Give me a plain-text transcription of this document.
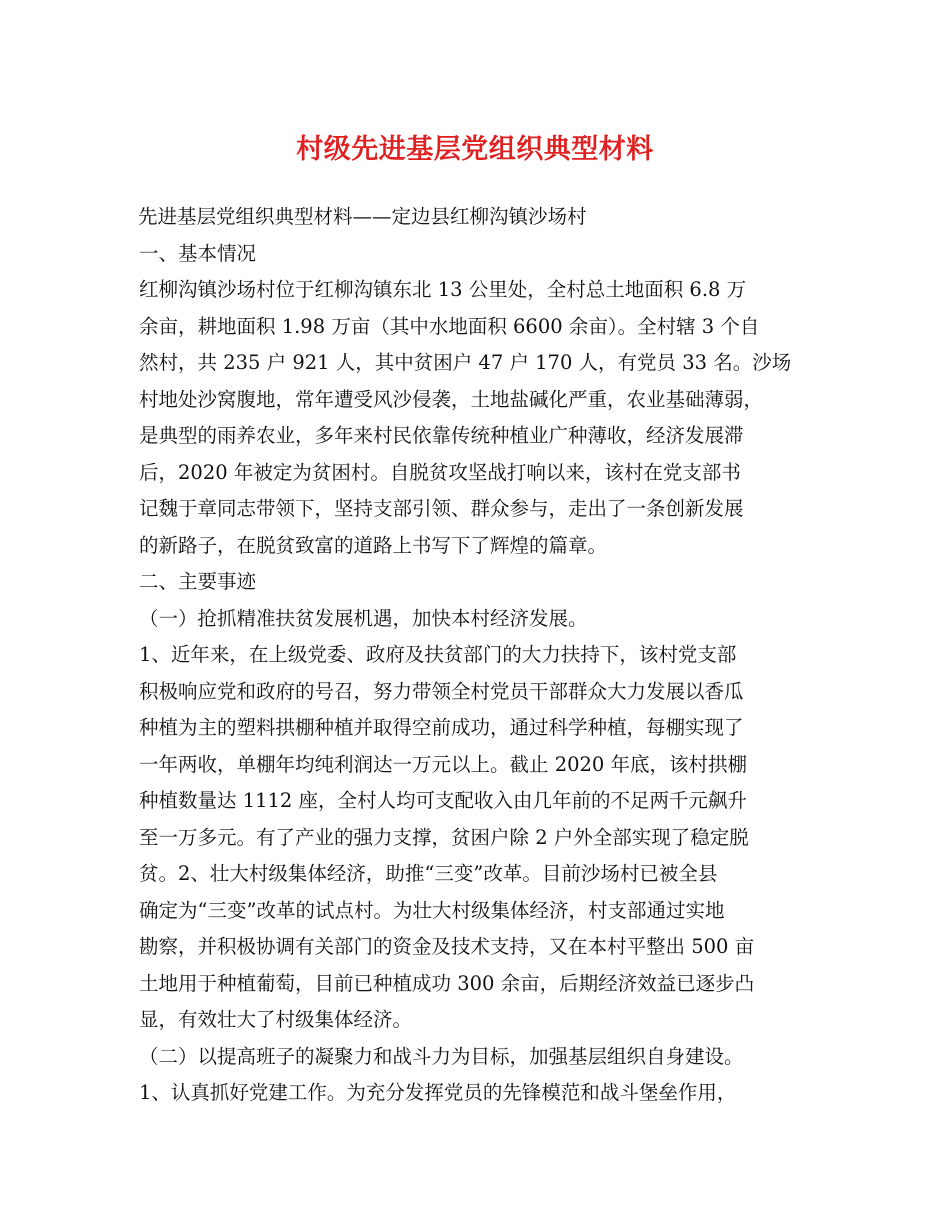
村级先进基层党组织典型材料
先进基层党组织典型材料——定边县红柳沟镇沙场村
一、基本情况
红柳沟镇沙场村位于红柳沟镇东北 13 公里处，全村总土地面积 6.8 万
余亩，耕地面积 1.98 万亩（其中水地面积 6600 余亩）。全村辖 3 个自
然村，共 235 户 921 人，其中贫困户 47 户 170 人，有党员 33 名。沙场
村地处沙窝腹地，常年遭受风沙侵袭，土地盐碱化严重，农业基础薄弱，
是典型的雨养农业，多年来村民依靠传统种植业广种薄收，经济发展滞
后，2020 年被定为贫困村。自脱贫攻坚战打响以来，该村在党支部书
记魏于章同志带领下，坚持支部引领、群众参与，走出了一条创新发展
的新路子，在脱贫致富的道路上书写下了辉煌的篇章。
二、主要事迹
（一）抢抓精准扶贫发展机遇，加快本村经济发展。
1、近年来，在上级党委、政府及扶贫部门的大力扶持下，该村党支部
积极响应党和政府的号召，努力带领全村党员干部群众大力发展以香瓜
种植为主的塑料拱棚种植并取得空前成功，通过科学种植，每棚实现了
一年两收，单棚年均纯利润达一万元以上。截止 2020 年底，该村拱棚
种植数量达 1112 座，全村人均可支配收入由几年前的不足两千元飙升
至一万多元。有了产业的强力支撑，贫困户除 2 户外全部实现了稳定脱
贫。2、壮大村级集体经济，助推“三变”改革。目前沙场村已被全县
确定为“三变”改革的试点村。为壮大村级集体经济，村支部通过实地
勘察，并积极协调有关部门的资金及技术支持，又在本村平整出 500 亩
土地用于种植葡萄，目前已种植成功 300 余亩，后期经济效益已逐步凸
显，有效壮大了村级集体经济。
（二）以提高班子的凝聚力和战斗力为目标，加强基层组织自身建设。
1、认真抓好党建工作。为充分发挥党员的先锋模范和战斗堡垒作用，
